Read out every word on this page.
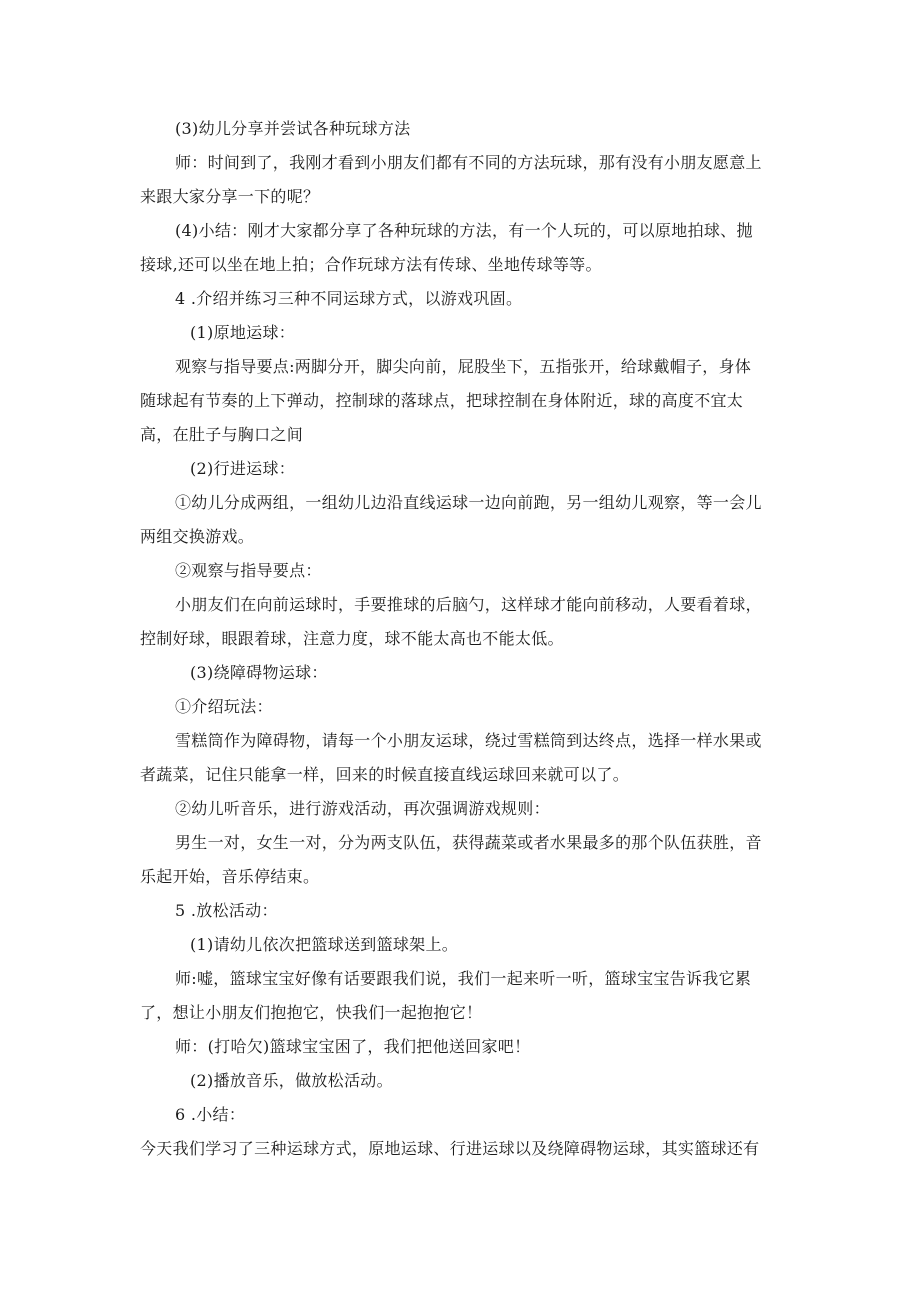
(3)幼儿分享并尝试各种玩球方法
师：时间到了，我刚才看到小朋友们都有不同的方法玩球，那有没有小朋友愿意上
来跟大家分享一下的呢？
(4)小结：刚才大家都分享了各种玩球的方法，有一个人玩的，可以原地拍球、抛
接球,还可以坐在地上拍；合作玩球方法有传球、坐地传球等等。
4 .介绍并练习三种不同运球方式，以游戏巩固。
(1)原地运球：
观察与指导要点:两脚分开，脚尖向前，屁股坐下，五指张开，给球戴帽子，身体
随球起有节奏的上下弹动，控制球的落球点，把球控制在身体附近，球的高度不宜太
高，在肚子与胸口之间
(2)行进运球：
①幼儿分成两组，一组幼儿边沿直线运球一边向前跑，另一组幼儿观察，等一会儿
两组交换游戏。
②观察与指导要点：
小朋友们在向前运球时，手要推球的后脑勺，这样球才能向前移动，人要看着球，
控制好球，眼跟着球，注意力度，球不能太高也不能太低。
(3)绕障碍物运球：
①介绍玩法：
雪糕筒作为障碍物，请每一个小朋友运球，绕过雪糕筒到达终点，选择一样水果或
者蔬菜，记住只能拿一样，回来的时候直接直线运球回来就可以了。
②幼儿听音乐，进行游戏活动，再次强调游戏规则：
男生一对，女生一对，分为两支队伍，获得蔬菜或者水果最多的那个队伍获胜，音
乐起开始，音乐停结束。
5 .放松活动：
(1)请幼儿依次把篮球送到篮球架上。
师:嘘，篮球宝宝好像有话要跟我们说，我们一起来听一听，篮球宝宝告诉我它累
了，想让小朋友们抱抱它，快我们一起抱抱它！
师：(打哈欠)篮球宝宝困了，我们把他送回家吧！
(2)播放音乐，做放松活动。
6 .小结：
今天我们学习了三种运球方式，原地运球、行进运球以及绕障碍物运球，其实篮球还有
